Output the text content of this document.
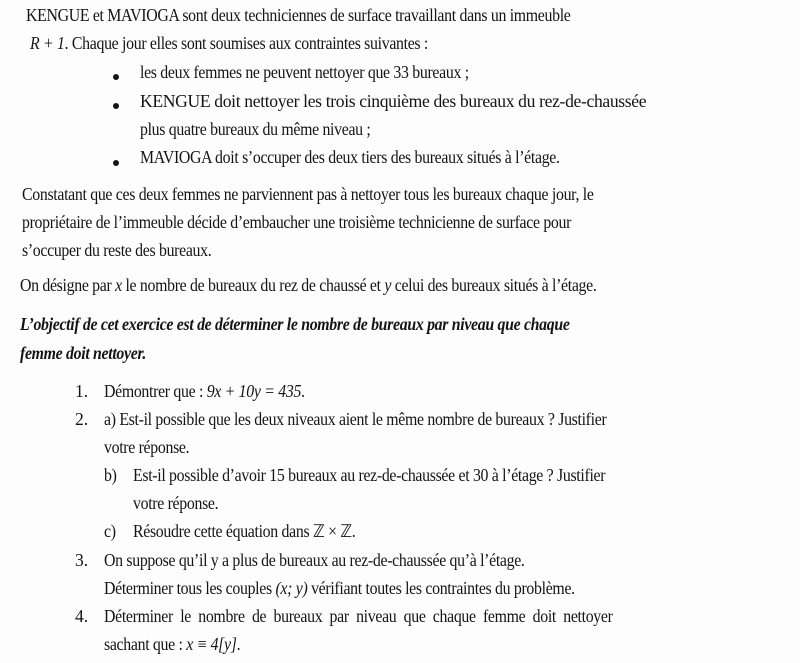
KENGUE et MAVIOGA sont deux techniciennes de surface travaillant dans un immeuble
R + 1. Chaque jour elles sont soumises aux contraintes suivantes :
les deux femmes ne peuvent nettoyer que 33 bureaux ;
KENGUE doit nettoyer les trois cinquième des bureaux du rez-de-chaussée
plus quatre bureaux du même niveau ;
MAVIOGA doit s’occuper des deux tiers des bureaux situés à l’étage.
Constatant que ces deux femmes ne parviennent pas à nettoyer tous les bureaux chaque jour, le
propriétaire de l’immeuble décide d’embaucher une troisième technicienne de surface pour
s’occuper du reste des bureaux.
On désigne par x le nombre de bureaux du rez de chaussé et y celui des bureaux situés à l’étage.
L’objectif de cet exercice est de déterminer le nombre de bureaux par niveau que chaque
femme doit nettoyer.
1. Démontrer que : 9x + 10y = 435.
2. a) Est-il possible que les deux niveaux aient le même nombre de bureaux ? Justifier
votre réponse.
b) Est-il possible d’avoir 15 bureaux au rez-de-chaussée et 30 à l’étage ? Justifier
votre réponse.
c) Résoudre cette équation dans ℤ × ℤ.
3. On suppose qu’il y a plus de bureaux au rez-de-chaussée qu’à l’étage.
Déterminer tous les couples (x; y) vérifiant toutes les contraintes du problème.
4. Déterminer le nombre de bureaux par niveau que chaque femme doit nettoyer
sachant que : x ≡ 4[y].
